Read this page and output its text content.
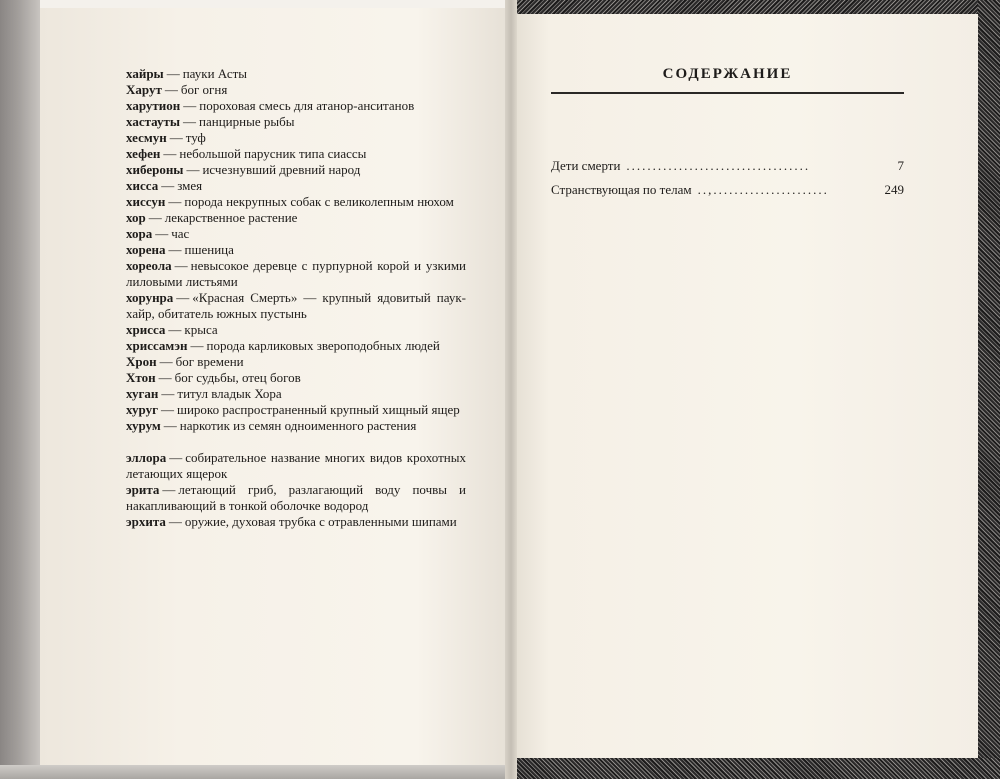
хайры — пауки Асты

Харут — бог огня

харутион — пороховая смесь для атанор-анситанов

хастауты — панцирные рыбы

хесмун — туф

хефен — небольшой парусник типа сиассы

хибероны — исчезнувший древний народ

хисса — змея

хиссун — порода некрупных собак с великолепным нюхом

хор — лекарственное растение

хора — час

хорена — пшеница

хореола — невысокое деревце с пурпурной корой и узкими лиловыми листьями

хорунра — «Красная Смерть» — крупный ядовитый паук-хайр, обитатель южных пустынь

хрисса — крыса

хриссамэн — порода карликовых звероподобных людей

Хрон — бог времени

Хтон — бог судьбы, отец богов

хуган — титул владык Хора

хуруг — широко распространенный крупный хищный ящер

хурум — наркотик из семян одноименного растения

эллора — собирательное название многих видов крохотных летающих ящерок

эрита — летающий гриб, разлагающий воду почвы и накапливающий в тонкой оболочке водород

эрхита — оружие, духовая трубка с отравленными шипами

СОДЕРЖАНИЕ
Дети смерти ...................................	7
Странствующая по телам ..,......................	249
